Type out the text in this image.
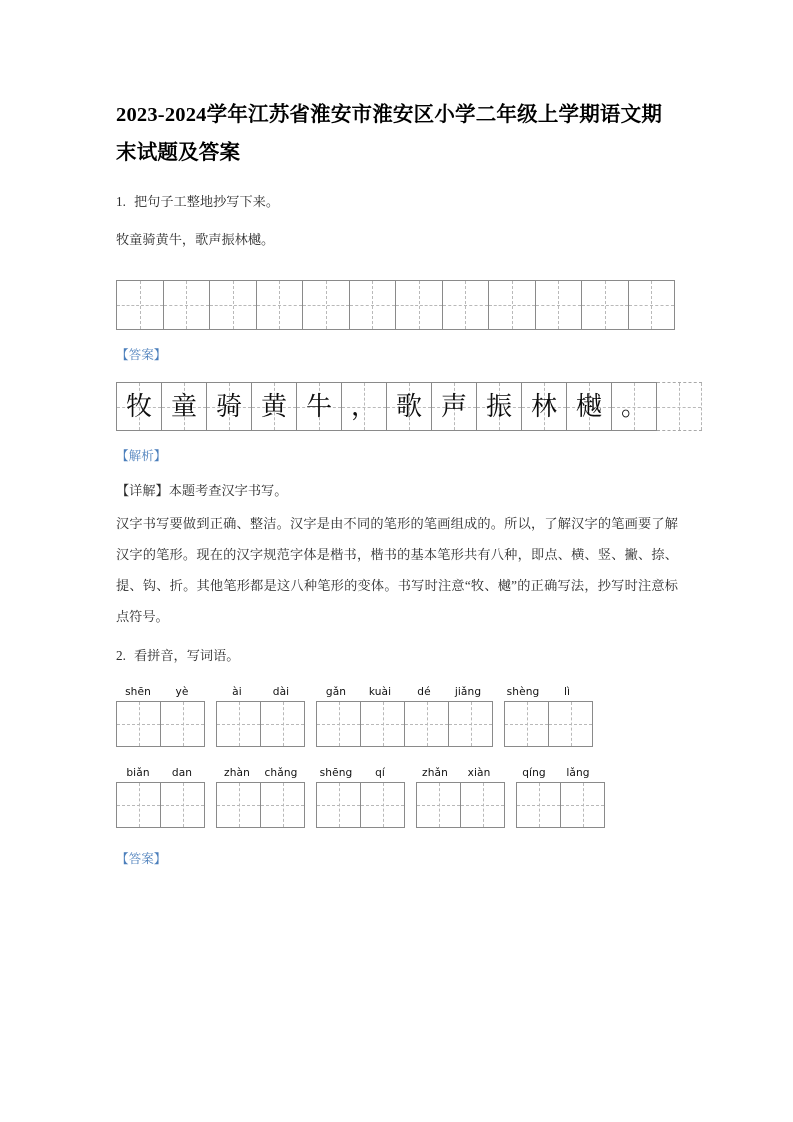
2023-2024学年江苏省淮安市淮安区小学二年级上学期语文期末试题及答案

1. 把句子工整地抄写下来。

牧童骑黄牛，歌声振林樾。

【答案】

牧 童 骑 黄 牛 ， 歌 声 振 林 樾 。

【解析】

【详解】本题考查汉字书写。

汉字书写要做到正确、整洁。汉字是由不同的笔形的笔画组成的。所以，了解汉字的笔画要了解汉字的笔形。现在的汉字规范字体是楷书，楷书的基本笔形共有八种，即点、横、竖、撇、捺、提、钩、折。其他笔形都是这八种笔形的变体。书写时注意“牧、樾”的正确写法，抄写时注意标点符号。

2. 看拼音，写词语。

shēn	yè	ài	dài	gǎn	kuài	dé	jiǎng	shèng	lì
biǎn	dan	zhàn	chǎng	shēng	qí	zhǎn	xiàn	qíng	lǎng

【答案】
